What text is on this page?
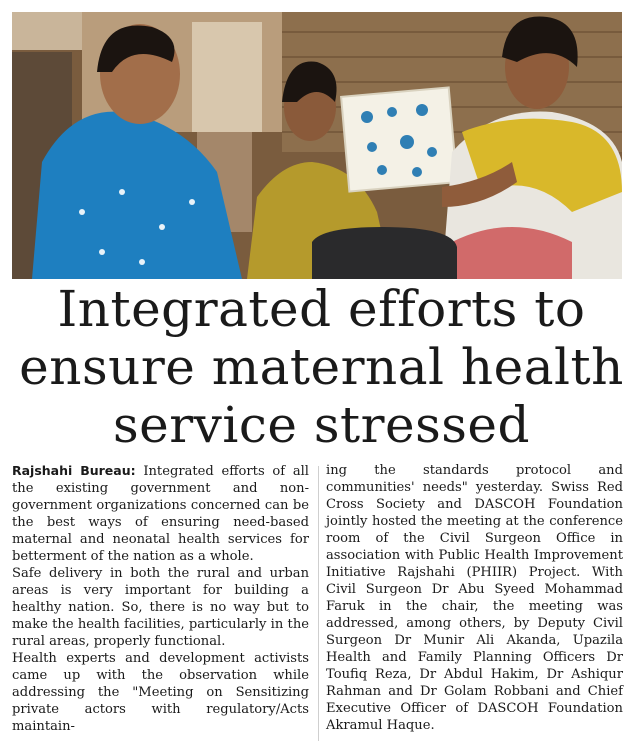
Integrated efforts to
ensure maternal health
service stressed

Rajshahi Bureau: Integrated efforts of all the existing government and non-government organizations concerned can be the best ways of ensuring need-based maternal and neonatal health services for betterment of the nation as a whole.

Safe delivery in both the rural and urban areas is very important for building a healthy nation. So, there is no way but to make the health facilities, particularly in the rural areas, properly functional.

Health experts and development activists came up with the observation while addressing the "Meeting on Sensitizing private actors with regulatory/Acts maintain-

ing the standards protocol and communities' needs" yesterday. Swiss Red Cross Society and DASCOH Foundation jointly hosted the meeting at the conference room of the Civil Surgeon Office in association with Public Health Improvement Initiative Rajshahi (PHIIR) Project. With Civil Surgeon Dr Abu Syeed Mohammad Faruk in the chair, the meeting was addressed, among others, by Deputy Civil Surgeon Dr Munir Ali Akanda, Upazila Health and Family Planning Officers Dr Toufiq Reza, Dr Abdul Hakim, Dr Ashiqur Rahman and Dr Golam Robbani and Chief Executive Officer of DASCOH Foundation Akramul Haque.
